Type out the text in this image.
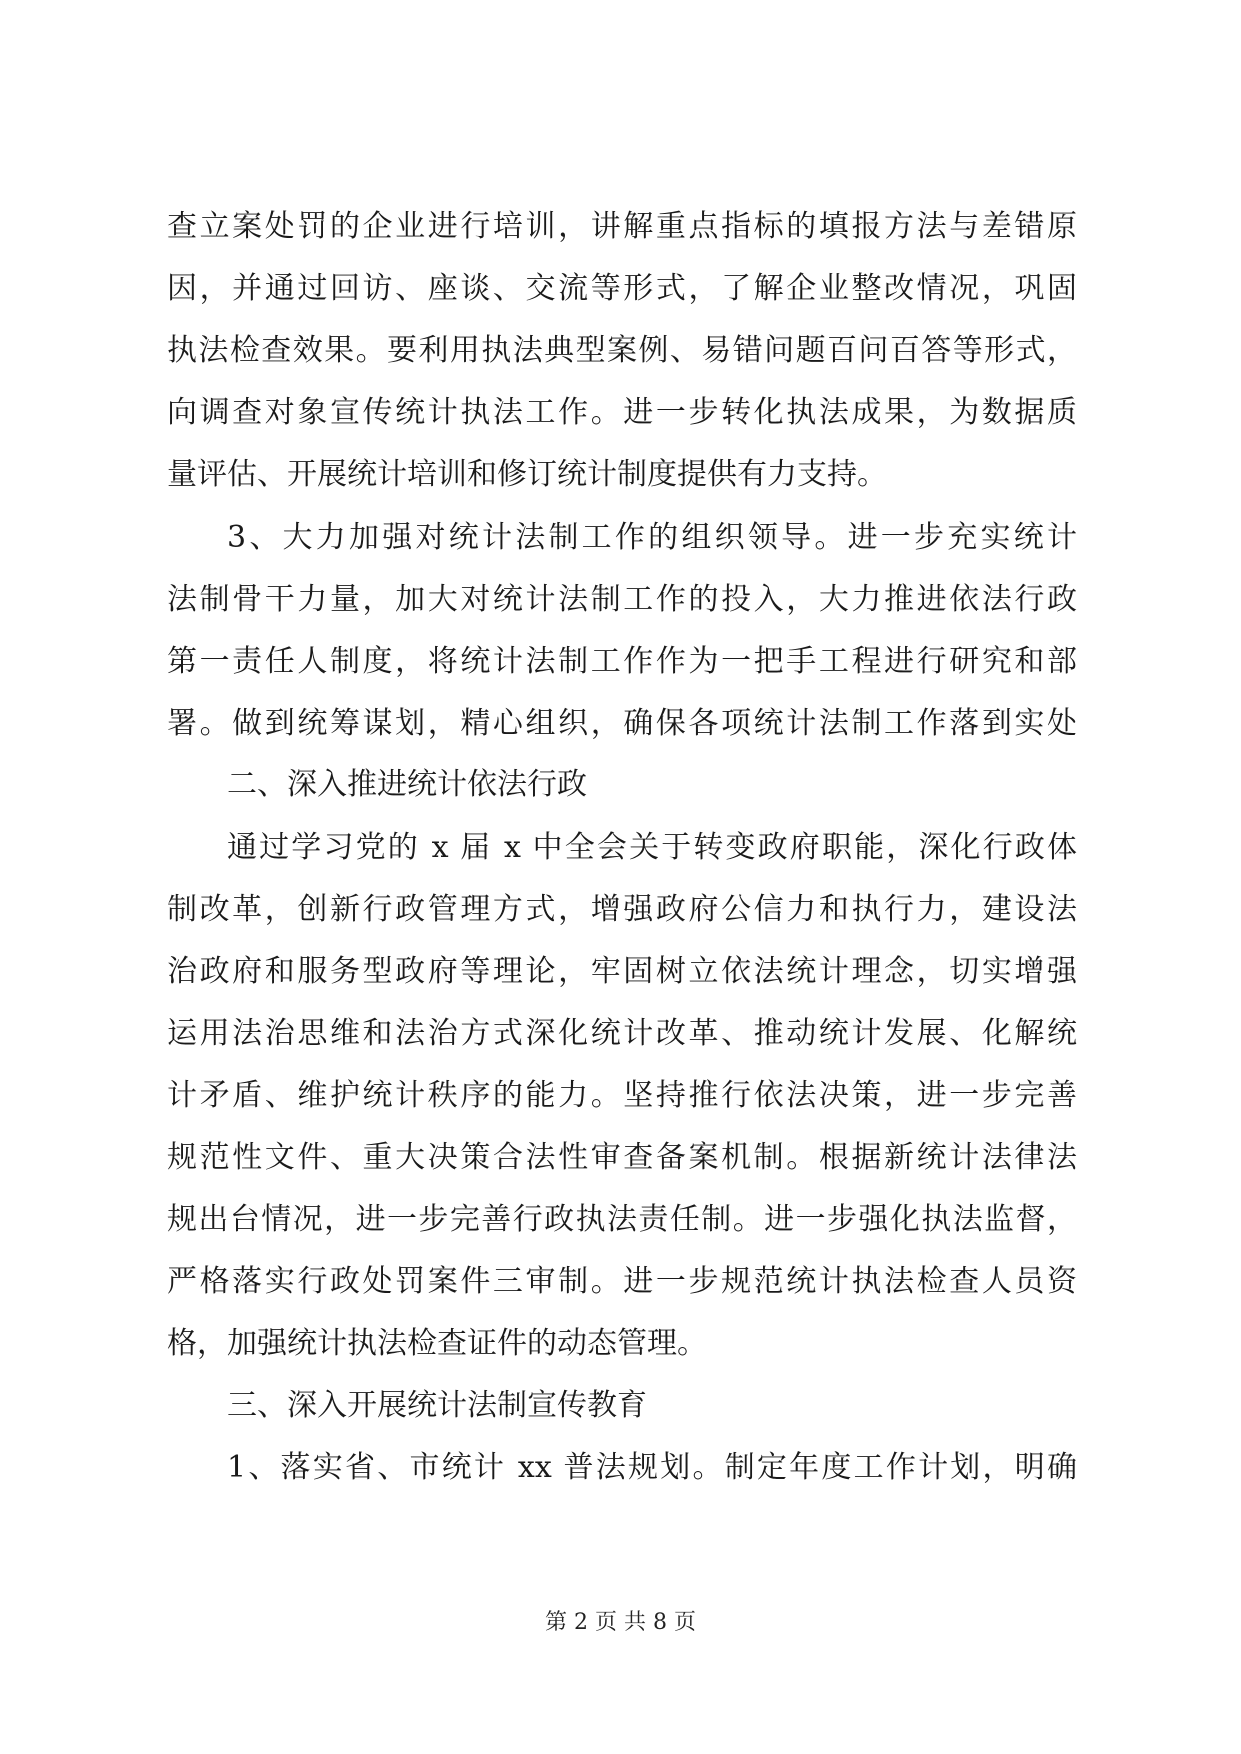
查立案处罚的企业进行培训，讲解重点指标的填报方法与差错原
因，并通过回访、座谈、交流等形式，了解企业整改情况，巩固
执法检查效果。要利用执法典型案例、易错问题百问百答等形式，
向调查对象宣传统计执法工作。进一步转化执法成果，为数据质
量评估、开展统计培训和修订统计制度提供有力支持。
3、大力加强对统计法制工作的组织领导。进一步充实统计
法制骨干力量，加大对统计法制工作的投入，大力推进依法行政
第一责任人制度，将统计法制工作作为一把手工程进行研究和部
署。做到统筹谋划，精心组织，确保各项统计法制工作落到实处
二、深入推进统计依法行政
通过学习党的 x 届 x 中全会关于转变政府职能，深化行政体
制改革，创新行政管理方式，增强政府公信力和执行力，建设法
治政府和服务型政府等理论，牢固树立依法统计理念，切实增强
运用法治思维和法治方式深化统计改革、推动统计发展、化解统
计矛盾、维护统计秩序的能力。坚持推行依法决策，进一步完善
规范性文件、重大决策合法性审查备案机制。根据新统计法律法
规出台情况，进一步完善行政执法责任制。进一步强化执法监督，
严格落实行政处罚案件三审制。进一步规范统计执法检查人员资
格，加强统计执法检查证件的动态管理。
三、深入开展统计法制宣传教育
1、落实省、市统计 xx 普法规划。制定年度工作计划，明确
第 2 页 共 8 页
